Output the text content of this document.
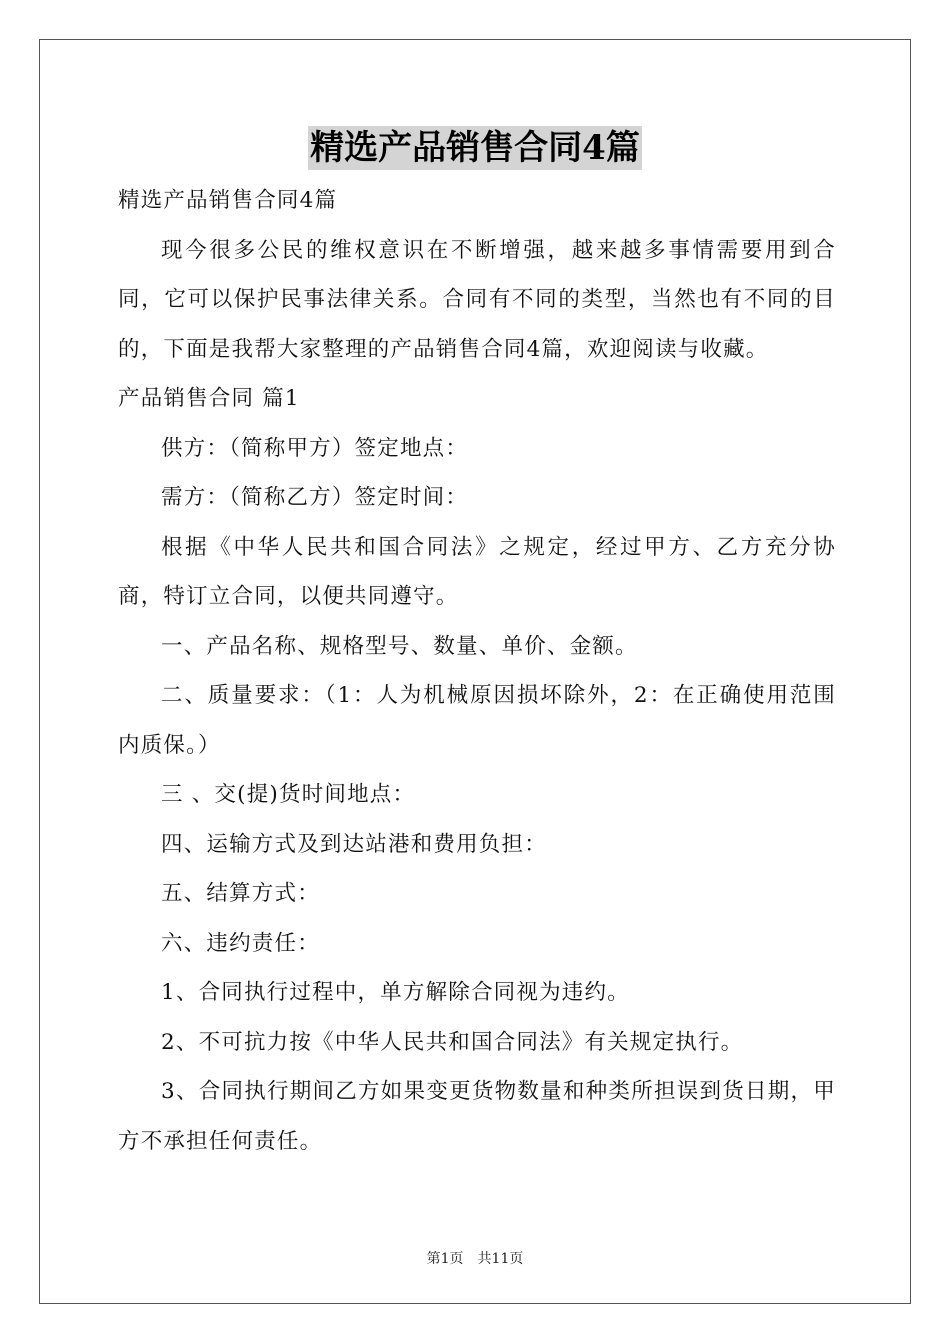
精选产品销售合同4篇

精选产品销售合同4篇

现今很多公民的维权意识在不断增强，越来越多事情需要用到合同，它可以保护民事法律关系。合同有不同的类型，当然也有不同的目的，下面是我帮大家整理的产品销售合同4篇，欢迎阅读与收藏。

产品销售合同 篇1

供方：（简称甲方）签定地点：

需方：（简称乙方）签定时间：

根据《中华人民共和国合同法》之规定，经过甲方、乙方充分协商，特订立合同，以便共同遵守。

一、产品名称、规格型号、数量、单价、金额。

二、质量要求：（1：人为机械原因损坏除外，2：在正确使用范围内质保。）

三 、交(提)货时间地点：

四、运输方式及到达站港和费用负担：

五、结算方式：

六、违约责任：

1、合同执行过程中，单方解除合同视为违约。

2、不可抗力按《中华人民共和国合同法》有关规定执行。

3、合同执行期间乙方如果变更货物数量和种类所担误到货日期，甲方不承担任何责任。

第1页 共11页
